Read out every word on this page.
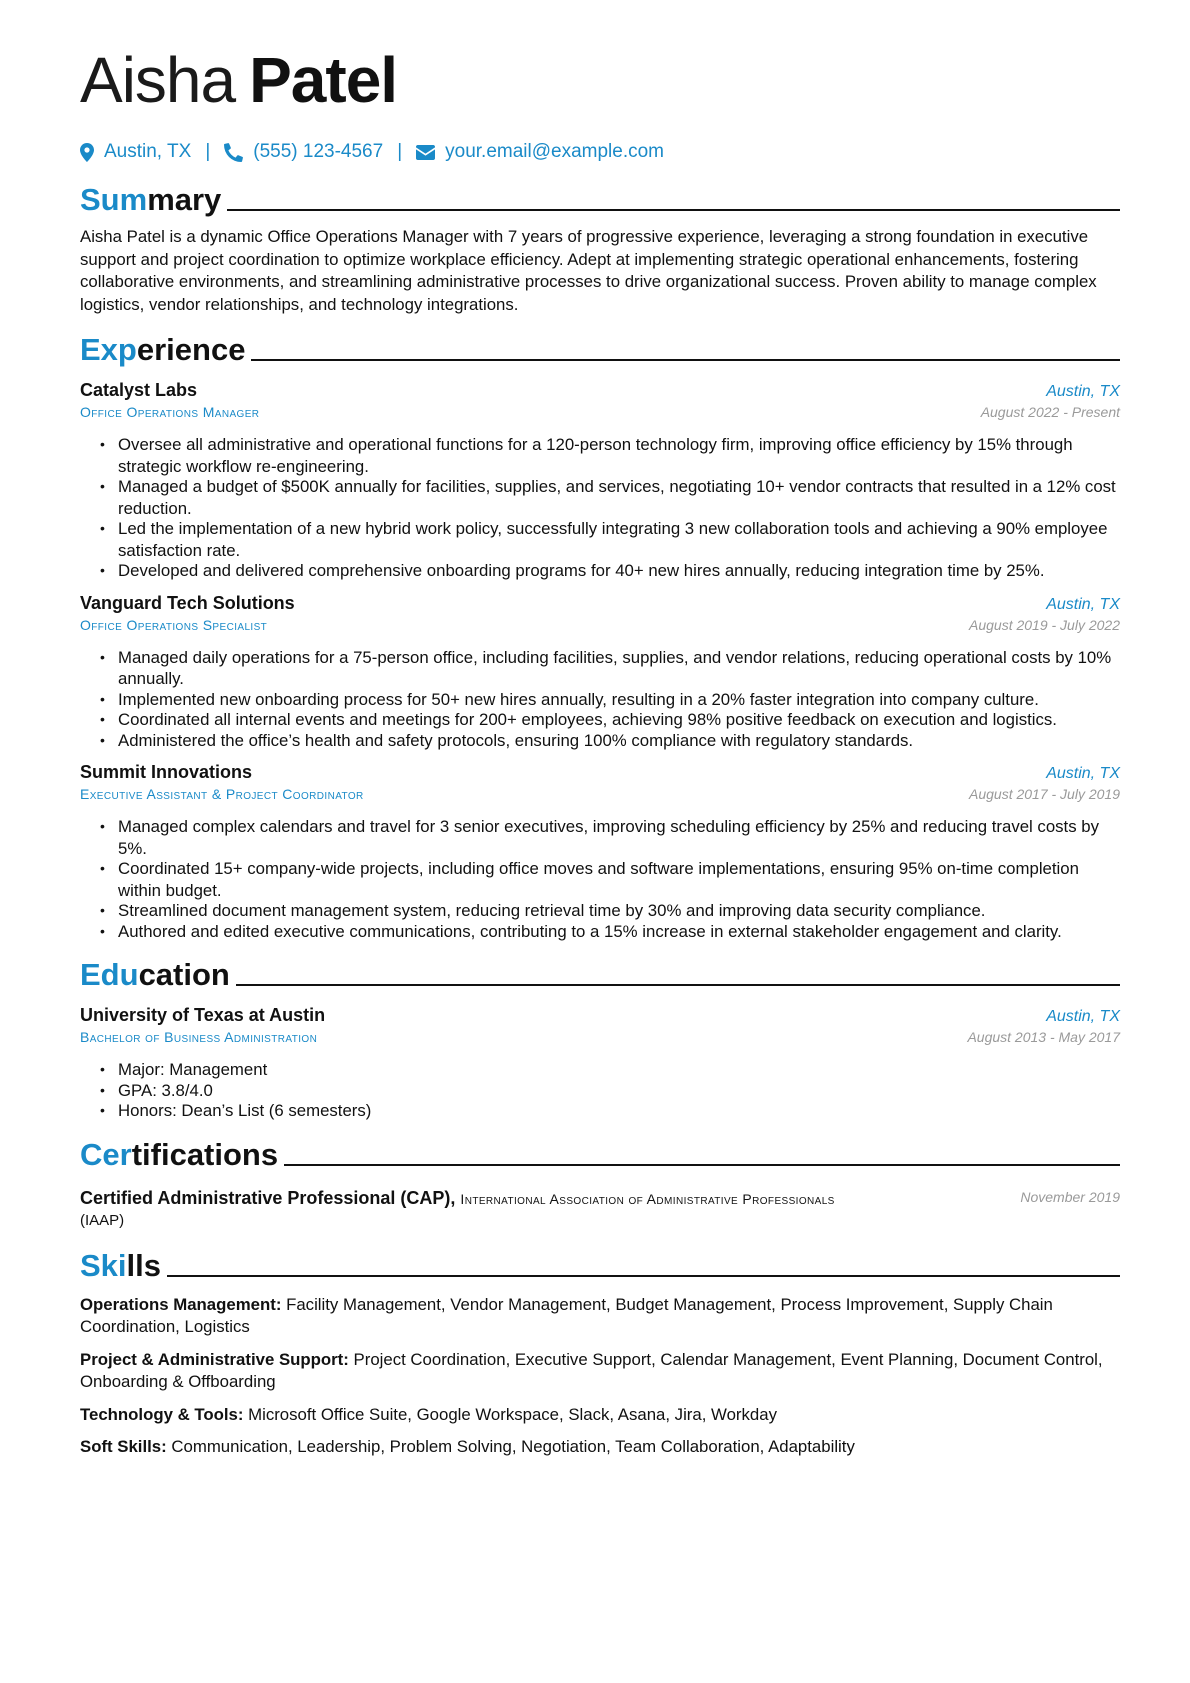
Aisha Patel
Austin, TX | (555) 123-4567 | your.email@example.com
Summary
Aisha Patel is a dynamic Office Operations Manager with 7 years of progressive experience, leveraging a strong foundation in executive support and project coordination to optimize workplace efficiency. Adept at implementing strategic operational enhancements, fostering collaborative environments, and streamlining administrative processes to drive organizational success. Proven ability to manage complex logistics, vendor relationships, and technology integrations.
Experience
Catalyst Labs	Austin, TX
Office Operations Manager	August 2022 - Present
• Oversee all administrative and operational functions for a 120-person technology firm, improving office efficiency by 15% through strategic workflow re-engineering.
• Managed a budget of $500K annually for facilities, supplies, and services, negotiating 10+ vendor contracts that resulted in a 12% cost reduction.
• Led the implementation of a new hybrid work policy, successfully integrating 3 new collaboration tools and achieving a 90% employee satisfaction rate.
• Developed and delivered comprehensive onboarding programs for 40+ new hires annually, reducing integration time by 25%.
Vanguard Tech Solutions	Austin, TX
Office Operations Specialist	August 2019 - July 2022
• Managed daily operations for a 75-person office, including facilities, supplies, and vendor relations, reducing operational costs by 10% annually.
• Implemented new onboarding process for 50+ new hires annually, resulting in a 20% faster integration into company culture.
• Coordinated all internal events and meetings for 200+ employees, achieving 98% positive feedback on execution and logistics.
• Administered the office’s health and safety protocols, ensuring 100% compliance with regulatory standards.
Summit Innovations	Austin, TX
Executive Assistant & Project Coordinator	August 2017 - July 2019
• Managed complex calendars and travel for 3 senior executives, improving scheduling efficiency by 25% and reducing travel costs by 5%.
• Coordinated 15+ company-wide projects, including office moves and software implementations, ensuring 95% on-time completion within budget.
• Streamlined document management system, reducing retrieval time by 30% and improving data security compliance.
• Authored and edited executive communications, contributing to a 15% increase in external stakeholder engagement and clarity.
Education
University of Texas at Austin	Austin, TX
Bachelor of Business Administration	August 2013 - May 2017
• Major: Management
• GPA: 3.8/4.0
• Honors: Dean’s List (6 semesters)
Certifications
Certified Administrative Professional (CAP), International Association of Administrative Professionals
(IAAP)
November 2019
Skills
Operations Management: Facility Management, Vendor Management, Budget Management, Process Improvement, Supply Chain Coordination, Logistics
Project & Administrative Support: Project Coordination, Executive Support, Calendar Management, Event Planning, Document Control, Onboarding & Offboarding
Technology & Tools: Microsoft Office Suite, Google Workspace, Slack, Asana, Jira, Workday
Soft Skills: Communication, Leadership, Problem Solving, Negotiation, Team Collaboration, Adaptability
